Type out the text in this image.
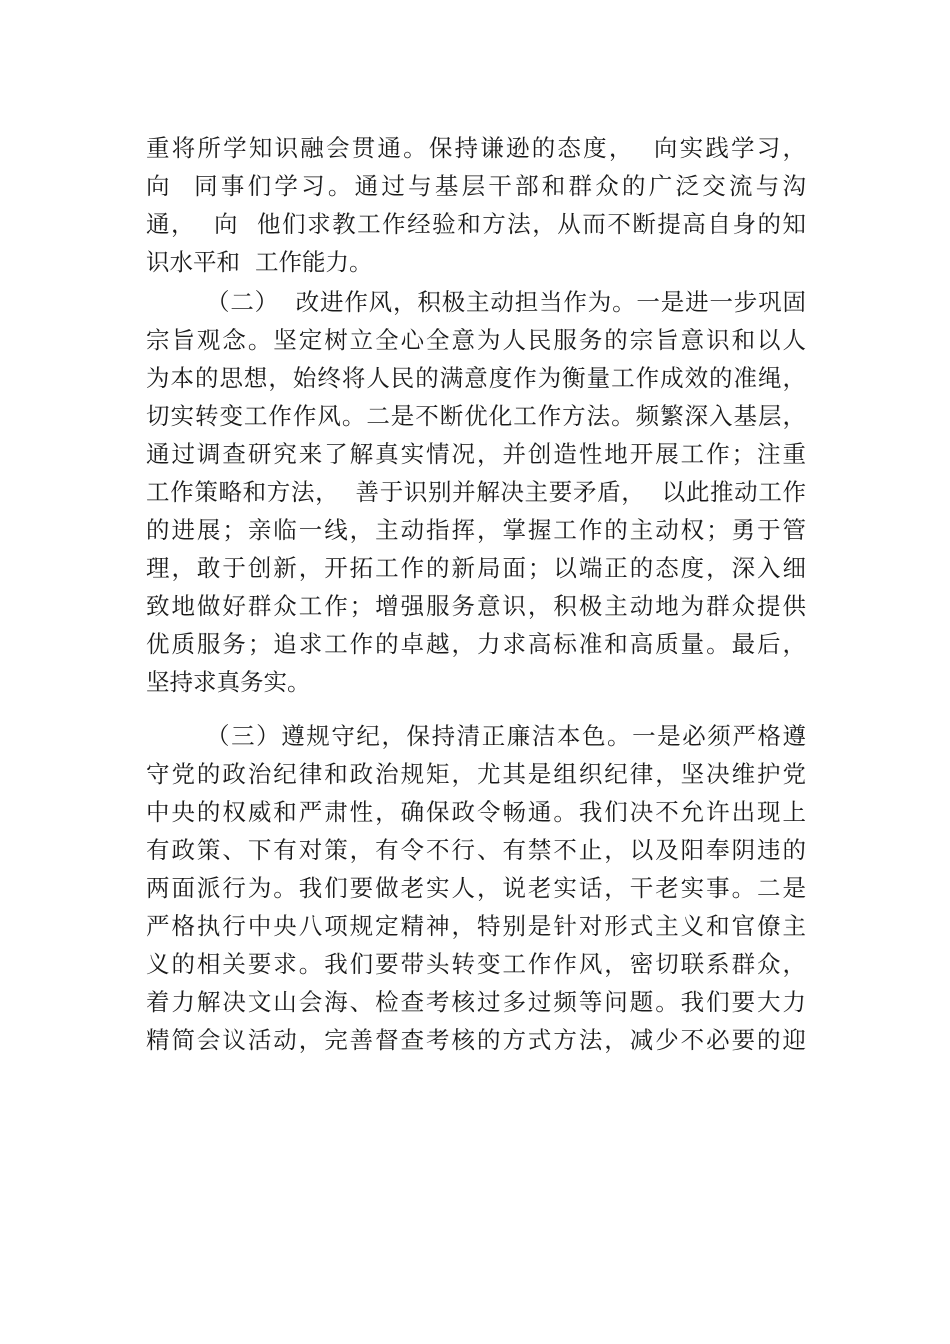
重将所学知识融会贯通。保持谦逊的态度，  向实践学习，
向  同事们学习。通过与基层干部和群众的广泛交流与沟
通，  向  他们求教工作经验和方法，从而不断提高自身的知
识水平和  工作能力。
（二）  改进作风，积极主动担当作为。一是进一步巩固
宗旨观念。坚定树立全心全意为人民服务的宗旨意识和以人
为本的思想，始终将人民的满意度作为衡量工作成效的准绳，
切实转变工作作风。二是不断优化工作方法。频繁深入基层，
通过调查研究来了解真实情况，并创造性地开展工作；注重
工作策略和方法，  善于识别并解决主要矛盾，  以此推动工作
的进展；亲临一线，主动指挥，掌握工作的主动权；勇于管
理，敢于创新，开拓工作的新局面；以端正的态度，深入细
致地做好群众工作；增强服务意识，积极主动地为群众提供
优质服务；追求工作的卓越，力求高标准和高质量。最后，
坚持求真务实。
（三）遵规守纪，保持清正廉洁本色。一是必须严格遵
守党的政治纪律和政治规矩，尤其是组织纪律，坚决维护党
中央的权威和严肃性，确保政令畅通。我们决不允许出现上
有政策、下有对策，有令不行、有禁不止，以及阳奉阴违的
两面派行为。我们要做老实人，说老实话，干老实事。二是
严格执行中央八项规定精神，特别是针对形式主义和官僚主
义的相关要求。我们要带头转变工作作风，密切联系群众，
着力解决文山会海、检查考核过多过频等问题。我们要大力
精简会议活动，完善督查考核的方式方法，减少不必要的迎
